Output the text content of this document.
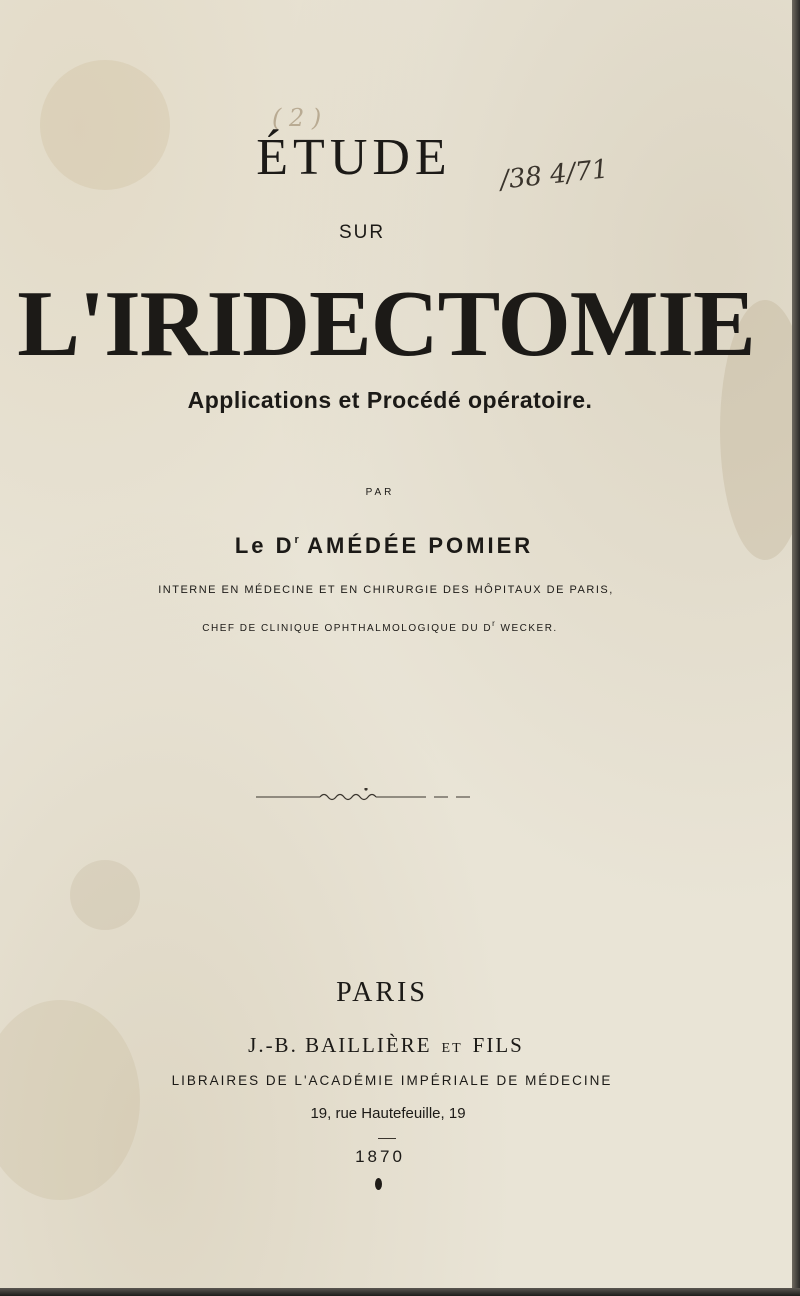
( 2 )
/38 4/71
ÉTUDE
SUR
L'IRIDECTOMIE
Applications et Procédé opératoire.
PAR
Le $D^r$ AMÉDÉE POMIER
INTERNE EN MÉDECINE ET EN CHIRURGIE DES HÔPITAUX DE PARIS,
CHEF DE CLINIQUE OPHTHALMOLOGIQUE DU $D^r$ WECKER.
PARIS
J.-B. BAILLIÈRE ET FILS
LIBRAIRES DE L'ACADÉMIE IMPÉRIALE DE MÉDECINE
19, rue Hautefeuille, 19
1870
